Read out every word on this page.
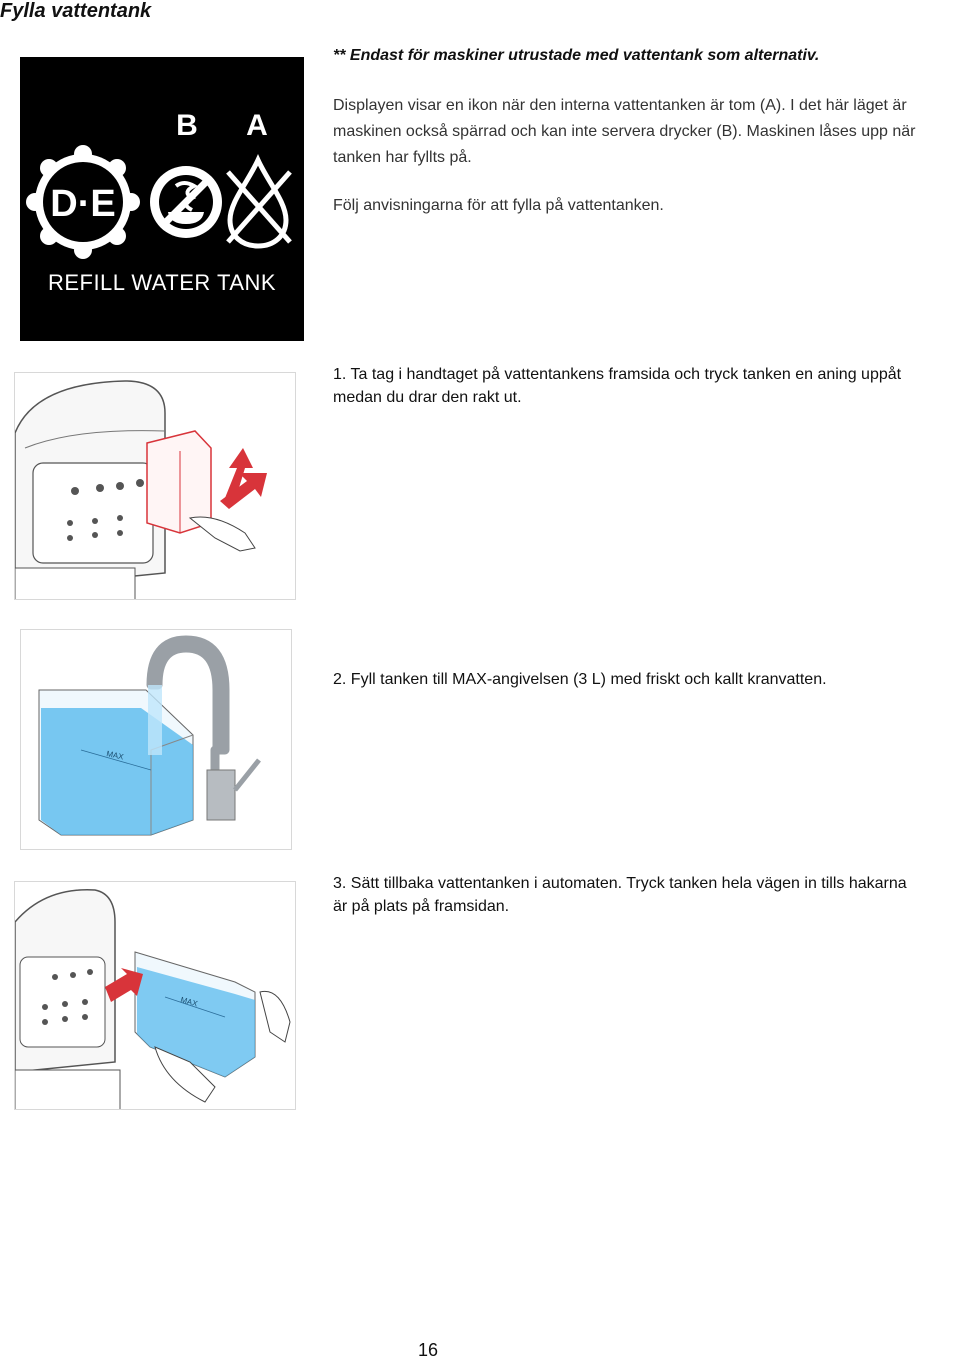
Fylla vattentank
** Endast för maskiner utrustade med vattentank som alternativ.
B A
D·E
REFILL WATER TANK
Displayen visar en ikon när den interna vattentanken är tom (A). I det här läget är
maskinen också spärrad och kan inte servera drycker (B). Maskinen låses upp när
tanken har fyllts på.
Följ anvisningarna för att fylla på vattentanken.
1. Ta tag i handtaget på vattentankens framsida och tryck tanken en aning uppåt
medan du drar den rakt ut.
MAX
2. Fyll tanken till MAX-angivelsen (3 L) med friskt och kallt kranvatten.
MAX
3. Sätt tillbaka vattentanken i automaten. Tryck tanken hela vägen in tills hakarna
är på plats på framsidan.
16
